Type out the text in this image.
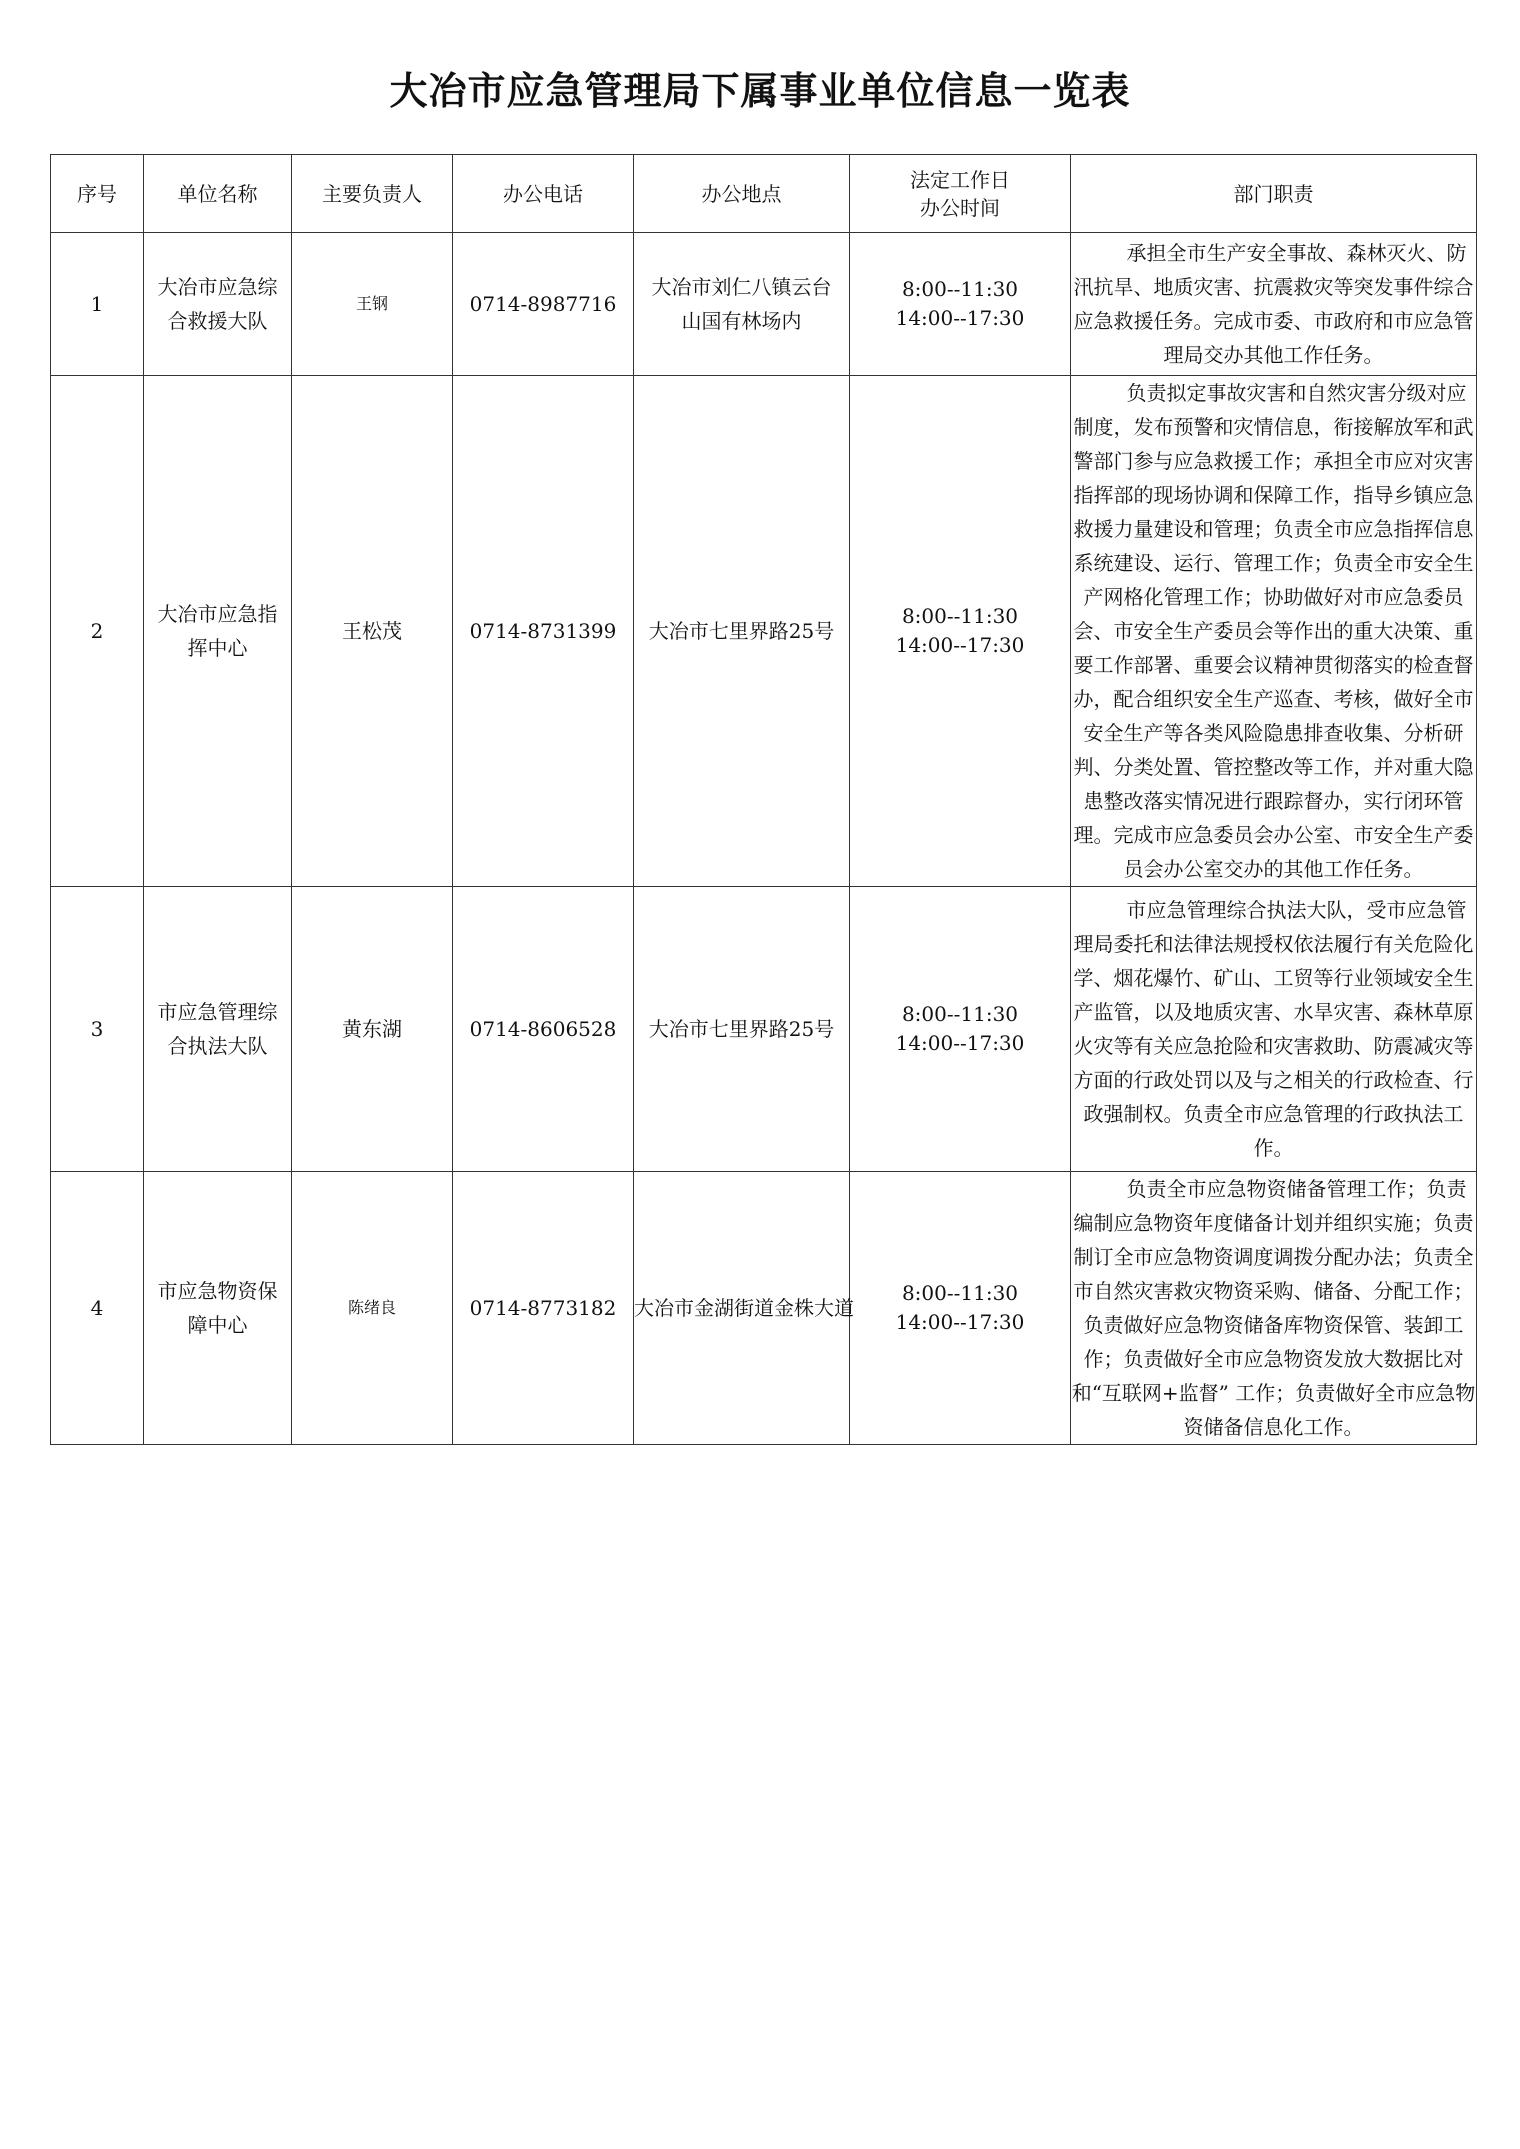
大冶市应急管理局下属事业单位信息一览表
序号	单位名称	主要负责人	办公电话	办公地点	法定工作日
办公时间	部门职责
1	大冶市应急综合救援大队	王钢	0714-8987716	大冶市刘仁八镇云台山国有林场内	8:00--11:30
14:00--17:30	承担全市生产安全事故、森林灭火、防汛抗旱、地质灾害、抗震救灾等突发事件综合应急救援任务。完成市委、市政府和市应急管理局交办其他工作任务。

2	大冶市应急指挥中心	王松茂	0714-8731399	大冶市七里界路25号	8:00--11:30
14:00--17:30	负责拟定事故灾害和自然灾害分级对应制度，发布预警和灾情信息，衔接解放军和武警部门参与应急救援工作；承担全市应对灾害指挥部的现场协调和保障工作，指导乡镇应急救援力量建设和管理；负责全市应急指挥信息系统建设、运行、管理工作；负责全市安全生产网格化管理工作；协助做好对市应急委员会、市安全生产委员会等作出的重大决策、重要工作部署、重要会议精神贯彻落实的检查督办，配合组织安全生产巡查、考核，做好全市安全生产等各类风险隐患排查收集、分析研判、分类处置、管控整改等工作，并对重大隐患整改落实情况进行跟踪督办，实行闭环管理。完成市应急委员会办公室、市安全生产委员会办公室交办的其他工作任务。

3	市应急管理综合执法大队	黄东湖	0714-8606528	大冶市七里界路25号	8:00--11:30
14:00--17:30	市应急管理综合执法大队，受市应急管理局委托和法律法规授权依法履行有关危险化学、烟花爆竹、矿山、工贸等行业领域安全生产监管，以及地质灾害、水旱灾害、森林草原火灾等有关应急抢险和灾害救助、防震减灾等方面的行政处罚以及与之相关的行政检查、行政强制权。负责全市应急管理的行政执法工作。

4	市应急物资保障中心	陈绪良	0714-8773182	大冶市金湖街道金株大道	8:00--11:30
14:00--17:30	负责全市应急物资储备管理工作；负责编制应急物资年度储备计划并组织实施；负责制订全市应急物资调度调拨分配办法；负责全市自然灾害救灾物资采购、储备、分配工作；负责做好应急物资储备库物资保管、装卸工作；负责做好全市应急物资发放大数据比对和“互联网+监督” 工作；负责做好全市应急物资储备信息化工作。
